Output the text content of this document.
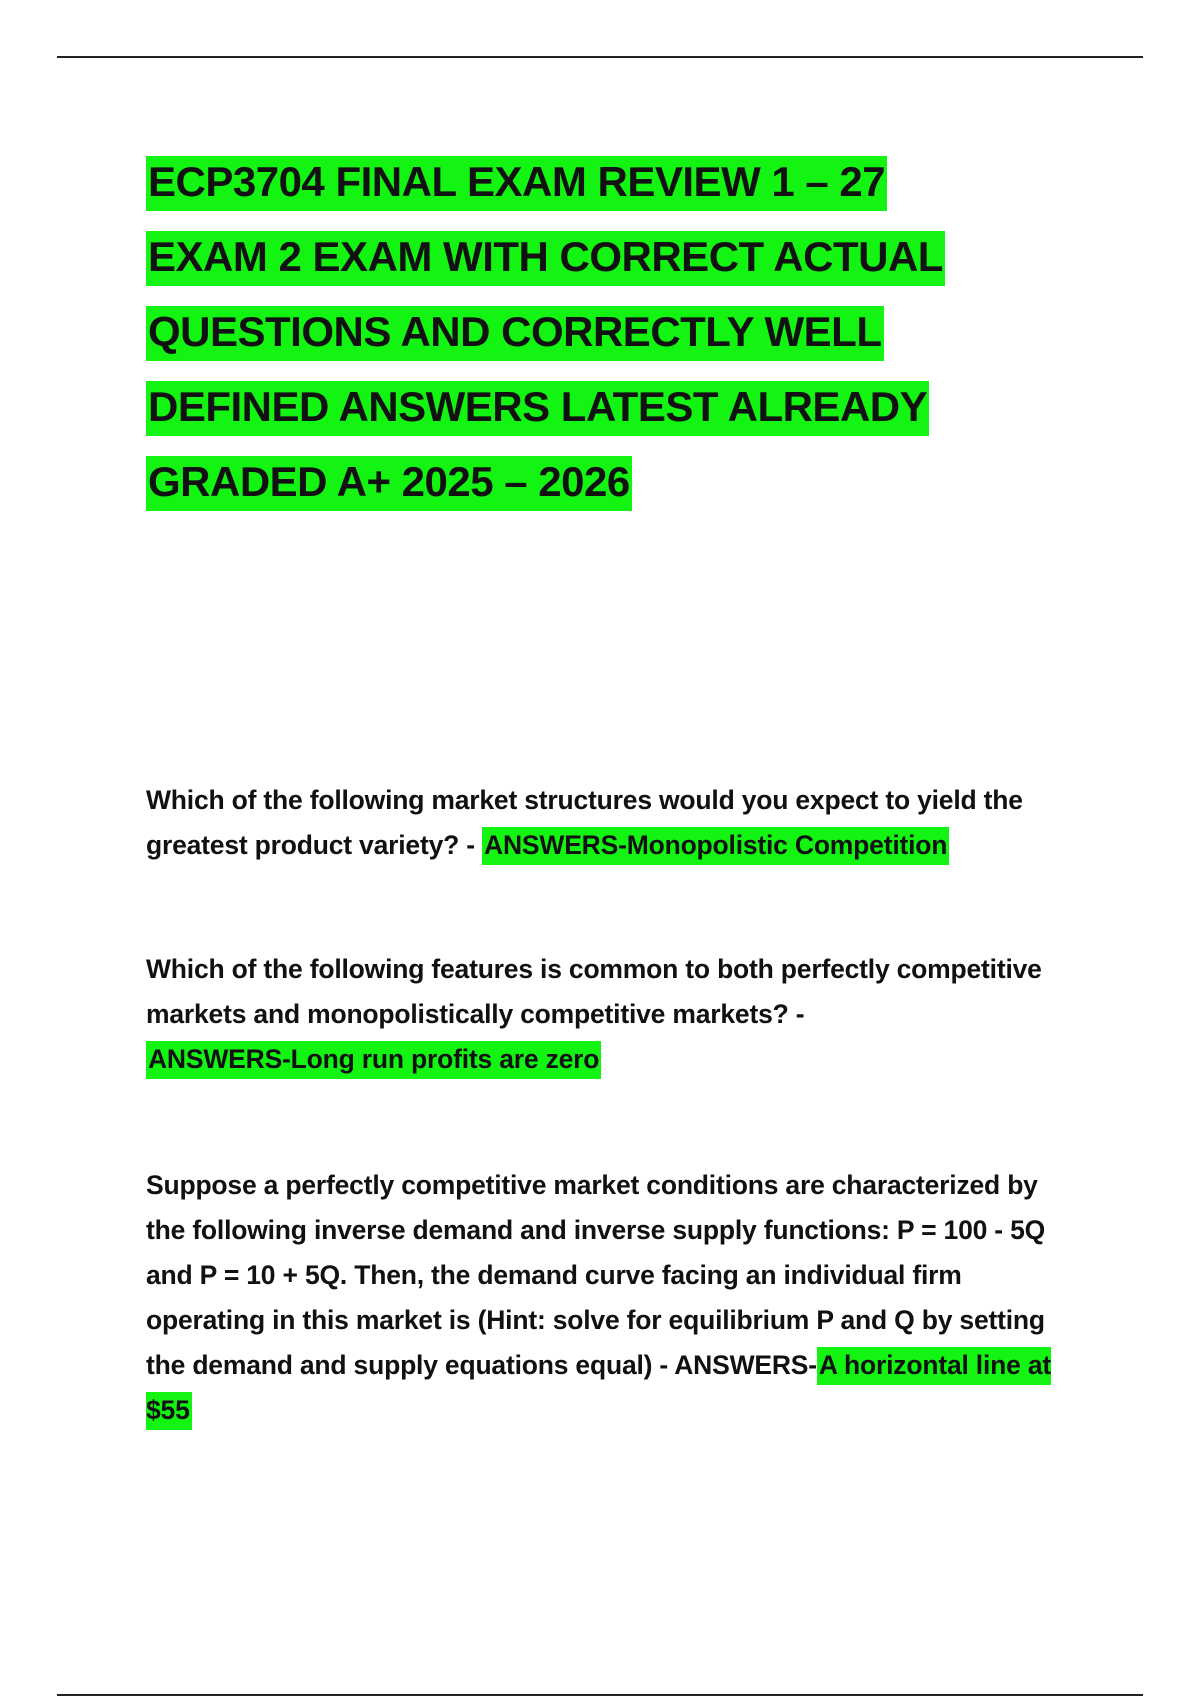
ECP3704 FINAL EXAM REVIEW 1 – 27
EXAM 2 EXAM WITH CORRECT ACTUAL
QUESTIONS AND CORRECTLY WELL
DEFINED ANSWERS LATEST ALREADY
GRADED A+ 2025 – 2026

Which of the following market structures would you expect to yield the greatest product variety? - ANSWERS-Monopolistic Competition

Which of the following features is common to both perfectly competitive markets and monopolistically competitive markets? -
ANSWERS-Long run profits are zero

Suppose a perfectly competitive market conditions are characterized by the following inverse demand and inverse supply functions: P = 100 - 5Q and P = 10 + 5Q. Then, the demand curve facing an individual firm operating in this market is (Hint: solve for equilibrium P and Q by setting the demand and supply equations equal) - ANSWERS-A horizontal line at $55
